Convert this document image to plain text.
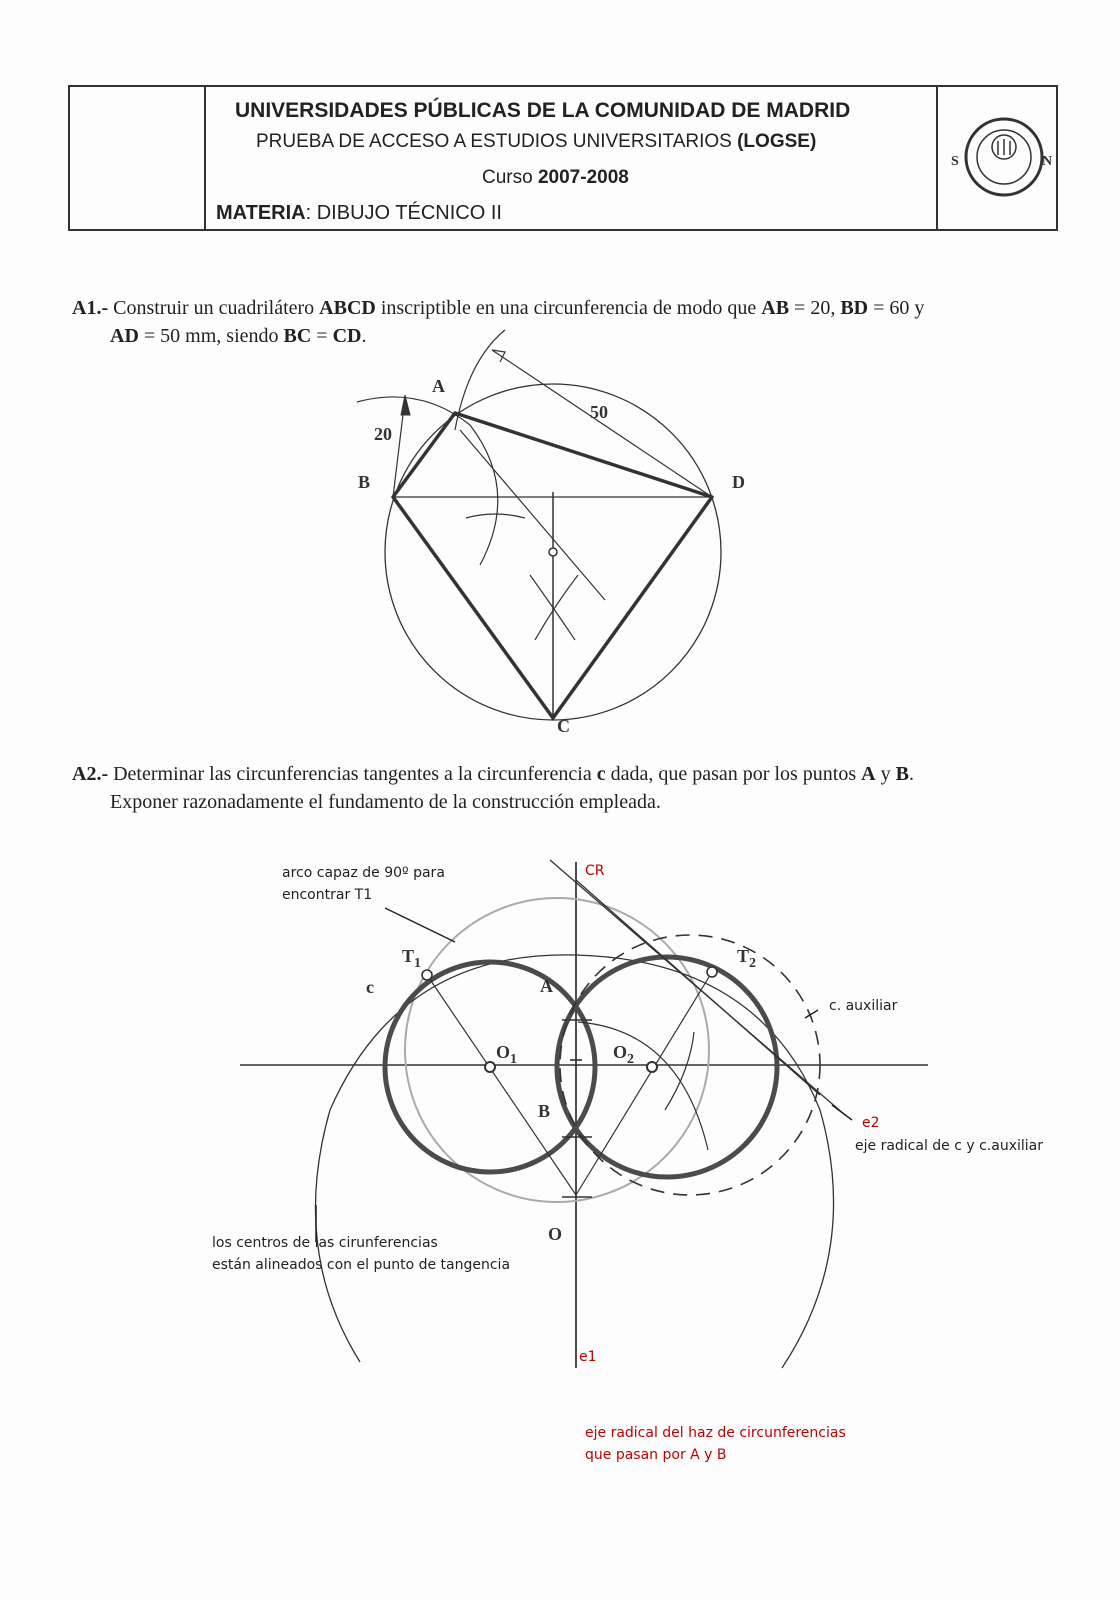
UNIVERSIDADES PÚBLICAS DE LA COMUNIDAD DE MADRID
PRUEBA DE ACCESO A ESTUDIOS UNIVERSITARIOS (LOGSE)
Curso 2007-2008
MATERIA: DIBUJO TÉCNICO II
S	N
A1.- Construir un cuadrilátero ABCD inscriptible en una circunferencia de modo que AB = 20, BD = 60 y
AD = 50 mm, siendo BC = CD.
A2.- Determinar las circunferencias tangentes a la circunferencia c dada, que pasan por los puntos A y B.
Exponer razonadamente el fundamento de la construcción empleada.
A
B
C
D
20
50
$T_1$	$T_2$
c	A
B
$O_1$	$O_2$
O
CR
e1
e2
arco capaz de 90º para
encontrar T1
c. auxiliar
eje radical de c y c.auxiliar
los centros de las cirunferencias
están alineados con el punto de tangencia
eje radical del haz de circunferencias
que pasan por A y B
